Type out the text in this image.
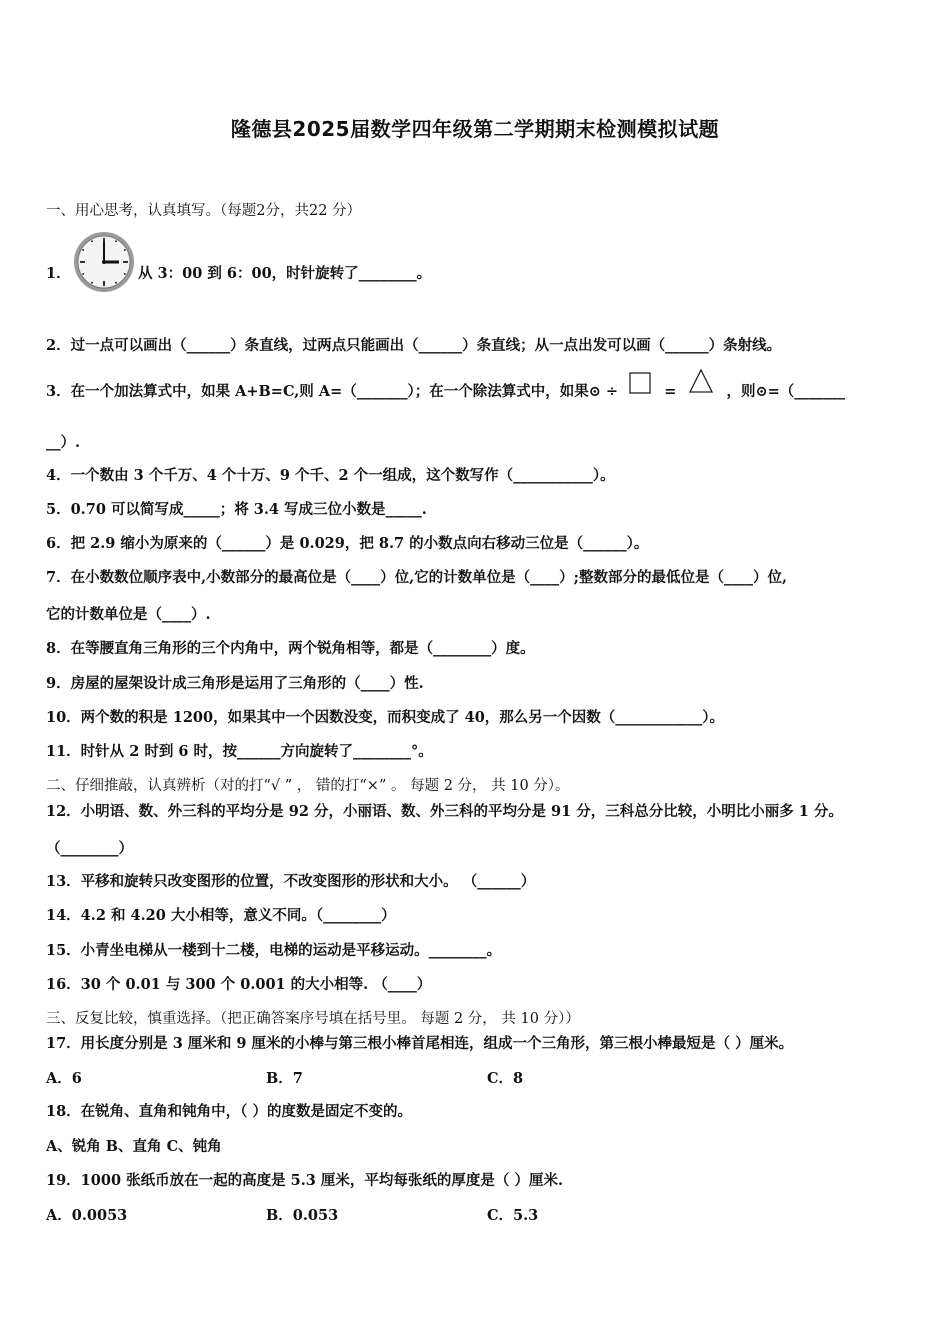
隆德县2025届数学四年级第二学期期末检测模拟试题
一、用心思考，认真填写。（每题2分，共22 分）
1．	从 3：00 到 6：00，时针旋转了________。
2．过一点可以画出（______）条直线，过两点只能画出（______）条直线；从一点出发可以画（______）条射线。
3．在一个加法算式中，如果 A+B=C,则 A=（_______）；在一个除法算式中，如果⊙ ÷	=	，则⊙=（_______
__）.
4．一个数由 3 个千万、4 个十万、9 个千、2 个一组成，这个数写作（___________）。
5．0.70 可以简写成_____；将 3.4 写成三位小数是_____.
6．把 2.9 缩小为原来的（______）是 0.029，把 8.7 的小数点向右移动三位是（______）。
7．在小数数位顺序表中,小数部分的最高位是（____）位,它的计数单位是（____）;整数部分的最低位是（____）位,
它的计数单位是（____）.
8．在等腰直角三角形的三个内角中，两个锐角相等，都是（________）度。
9．房屋的屋架设计成三角形是运用了三角形的（____）性.
10．两个数的积是 1200，如果其中一个因数没变，而积变成了 40，那么另一个因数（____________）。
11．时针从 2 时到 6 时，按______方向旋转了________°。
二、仔细推敲，认真辨析（对的打“√ ” ， 错的打“×” 。 每题 2 分， 共 10 分）。
12．小明语、数、外三科的平均分是 92 分，小丽语、数、外三科的平均分是 91 分，三科总分比较，小明比小丽多 1 分。
（________）
13．平移和旋转只改变图形的位置，不改变图形的形状和大小。 （______）
14．4.2 和 4.20 大小相等，意义不同。（________）
15．小青坐电梯从一楼到十二楼，电梯的运动是平移运动。________。
16．30 个 0.01 与 300 个 0.001 的大小相等. （____）
三、反复比较，慎重选择。（把正确答案序号填在括号里。 每题 2 分， 共 10 分））
17．用长度分别是 3 厘米和 9 厘米的小棒与第三根小棒首尾相连，组成一个三角形，第三根小棒最短是（ ）厘米。
A．6	B．7	C．8
18．在锐角、直角和钝角中，（ ）的度数是固定不变的。
A、锐角 B、直角 C、钝角
19．1000 张纸币放在一起的高度是 5.3 厘米，平均每张纸的厚度是（ ）厘米.
A．0.0053	B．0.053	C．5.3
